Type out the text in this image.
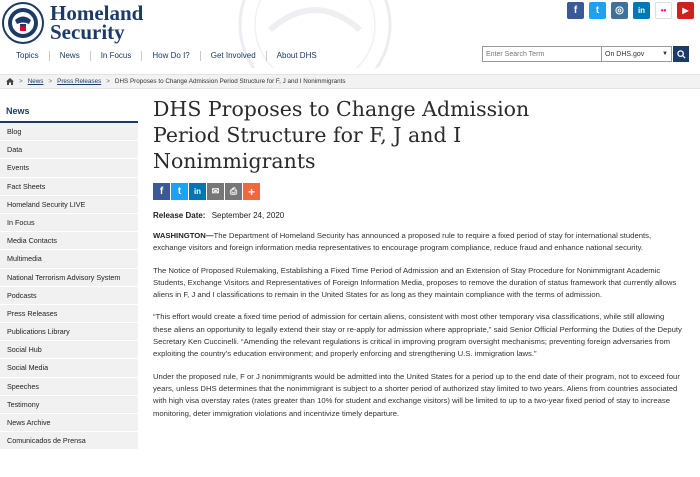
Homeland
Security
f	t	◎	in	••	▶
Topics	News	In Focus	How Do I?	Get Involved	About DHS
Enter Search Term	On DHS.gov	▼
> News > Press Releases > DHS Proposes to Change Admission Period Structure for F, J and I Nonimmigrants
News
Blog
Data
Events
Fact Sheets
Homeland Security LIVE
In Focus
Media Contacts
Multimedia
National Terrorism Advisory System
Podcasts
Press Releases
Publications Library
Social Hub
Social Media
Speeches
Testimony
News Archive
Comunicados de Prensa
DHS Proposes to Change Admission Period Structure for F, J and I Nonimmigrants
f	t	in	✉	⎙ +
Release Date: September 24, 2020

WASHINGTON—The Department of Homeland Security has announced a proposed rule to require a fixed period of stay for international students, exchange visitors and foreign information media representatives to encourage program compliance, reduce fraud and enhance national security.

The Notice of Proposed Rulemaking, Establishing a Fixed Time Period of Admission and an Extension of Stay Procedure for Nonimmigrant Academic Students, Exchange Visitors and Representatives of Foreign Information Media, proposes to remove the duration of status framework that currently allows aliens in F, J and I classifications to remain in the United States for as long as they maintain compliance with the terms of admission.

“This effort would create a fixed time period of admission for certain aliens, consistent with most other temporary visa classifications, while still allowing these aliens an opportunity to legally extend their stay or re-apply for admission where appropriate,” said Senior Official Performing the Duties of the Deputy Secretary Ken Cuccinelli. “Amending the relevant regulations is critical in improving program oversight mechanisms; preventing foreign adversaries from exploiting the country’s education environment; and properly enforcing and strengthening U.S. immigration laws.”

Under the proposed rule, F or J nonimmigrants would be admitted into the United States for a period up to the end date of their program, not to exceed four years, unless DHS determines that the nonimmigrant is subject to a shorter period of authorized stay limited to two years. Aliens from countries associated with high visa overstay rates (rates greater than 10% for student and exchange visitors) will be limited to up to a two-year fixed period of stay to increase monitoring, deter immigration violations and incentivize timely departure.
